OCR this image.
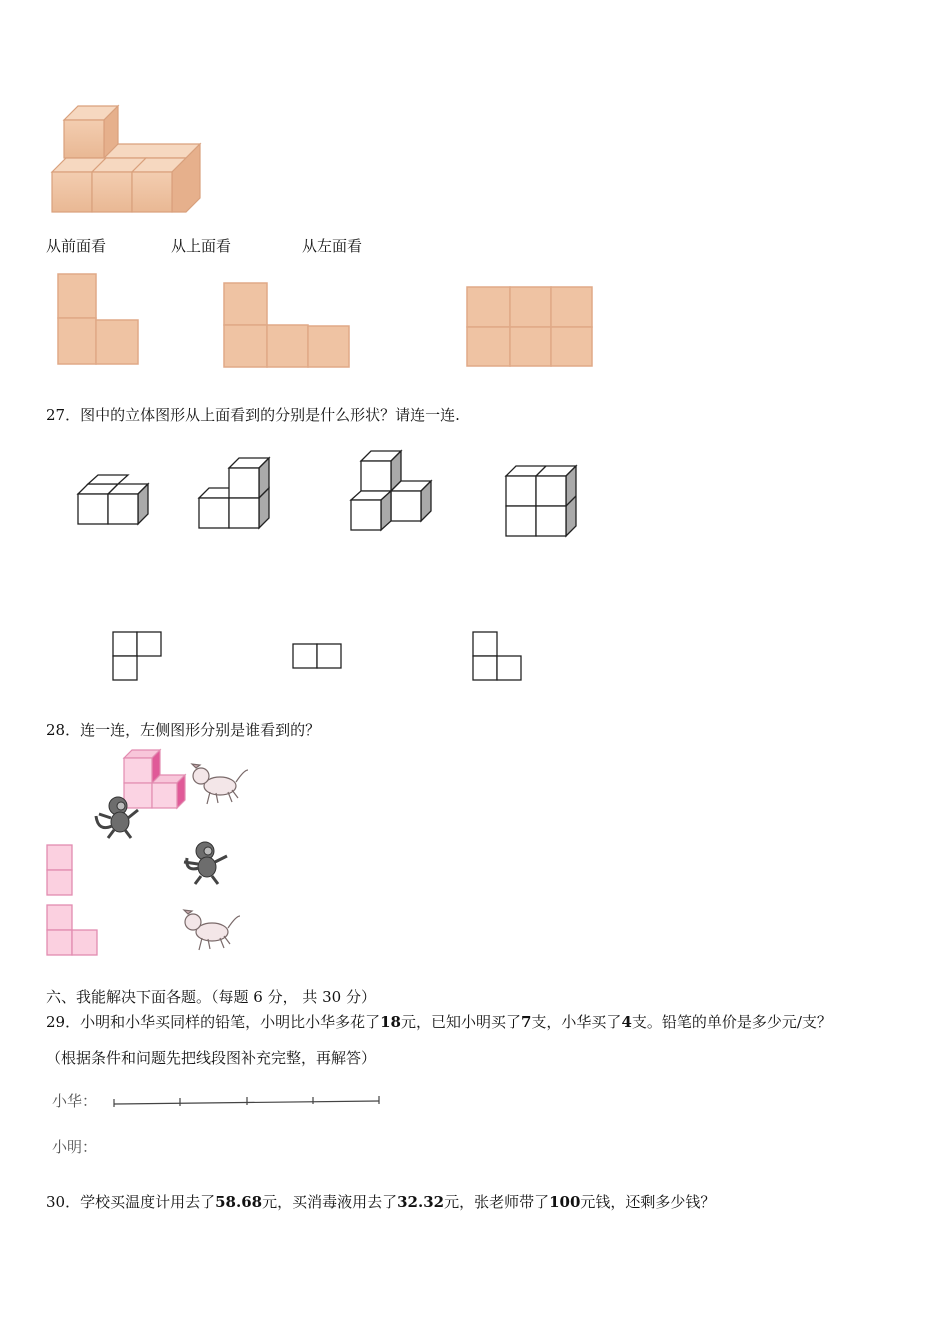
从前面看	从上面看	从左面看
27．图中的立体图形从上面看到的分别是什么形状？请连一连.
28．连一连，左侧图形分别是谁看到的？
六、我能解决下面各题。（每题 6 分， 共 30 分）
29．小明和小华买同样的铅笔，小明比小华多花了18元，已知小明买了7支，小华买了4支。铅笔的单价是多少元/支？
（根据条件和问题先把线段图补充完整，再解答）
小华：
小明：
30．学校买温度计用去了58.68元，买消毒液用去了32.32元，张老师带了100元钱，还剩多少钱？
